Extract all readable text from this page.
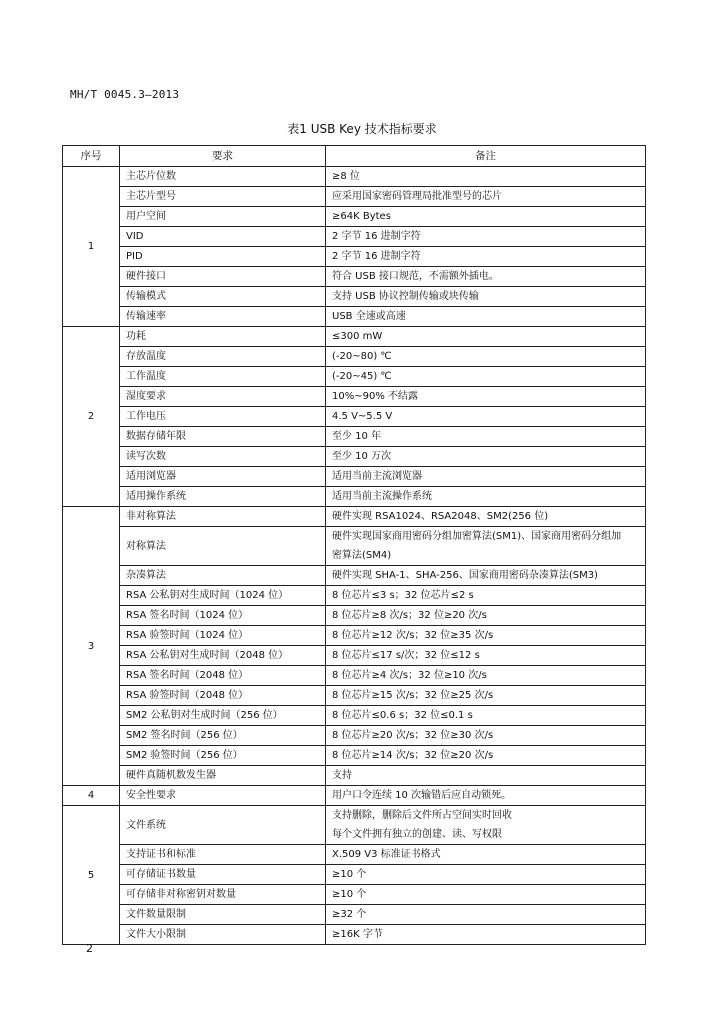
MH/T 0045.3—2013
表1 USB Key 技术指标要求
序号	要求	备注
1	主芯片位数	≥8 位

	主芯片型号	应采用国家密码管理局批准型号的芯片

	用户空间	≥64K Bytes

	VID	2 字节 16 进制字符

	PID	2 字节 16 进制字符

	硬件接口	符合 USB 接口规范，不需额外插电。

	传输模式	支持 USB 协议控制传输或块传输

	传输速率	USB 全速或高速

2	功耗	≤300 mW

	存放温度	(-20~80) ℃

	工作温度	(-20~45) ℃

	湿度要求	10%~90% 不结露

	工作电压	4.5 V~5.5 V

	数据存储年限	至少 10 年

	读写次数	至少 10 万次

	适用浏览器	适用当前主流浏览器

	适用操作系统	适用当前主流操作系统

3	非对称算法	硬件实现 RSA1024、RSA2048、SM2(256 位)

	对称算法	硬件实现国家商用密码分组加密算法(SM1)、国家商用密码分组加
密算法(SM4)

	杂凑算法	硬件实现 SHA-1、SHA-256、国家商用密码杂凑算法(SM3)

	RSA 公私钥对生成时间（1024 位）	8 位芯片≤3 s；32 位芯片≤2 s

	RSA 签名时间（1024 位）	8 位芯片≥8 次/s；32 位≥20 次/s

	RSA 验签时间（1024 位）	8 位芯片≥12 次/s；32 位≥35 次/s

	RSA 公私钥对生成时间（2048 位）	8 位芯片≤17 s/次；32 位≤12 s

	RSA 签名时间（2048 位）	8 位芯片≥4 次/s；32 位≥10 次/s

	RSA 验签时间（2048 位）	8 位芯片≥15 次/s；32 位≥25 次/s

	SM2 公私钥对生成时间（256 位）	8 位芯片≤0.6 s；32 位≤0.1 s

	SM2 签名时间（256 位）	8 位芯片≥20 次/s；32 位≥30 次/s

	SM2 验签时间（256 位）	8 位芯片≥14 次/s；32 位≥20 次/s

	硬件真随机数发生器	支持

4	安全性要求	用户口令连续 10 次输错后应自动锁死。

5	文件系统	支持删除，删除后文件所占空间实时回收
每个文件拥有独立的创建、读、写权限

	支持证书和标准	X.509 V3 标准证书格式

	可存储证书数量	≥10 个

	可存储非对称密钥对数量	≥10 个

	文件数量限制	≥32 个

	文件大小限制	≥16K 字节
2
